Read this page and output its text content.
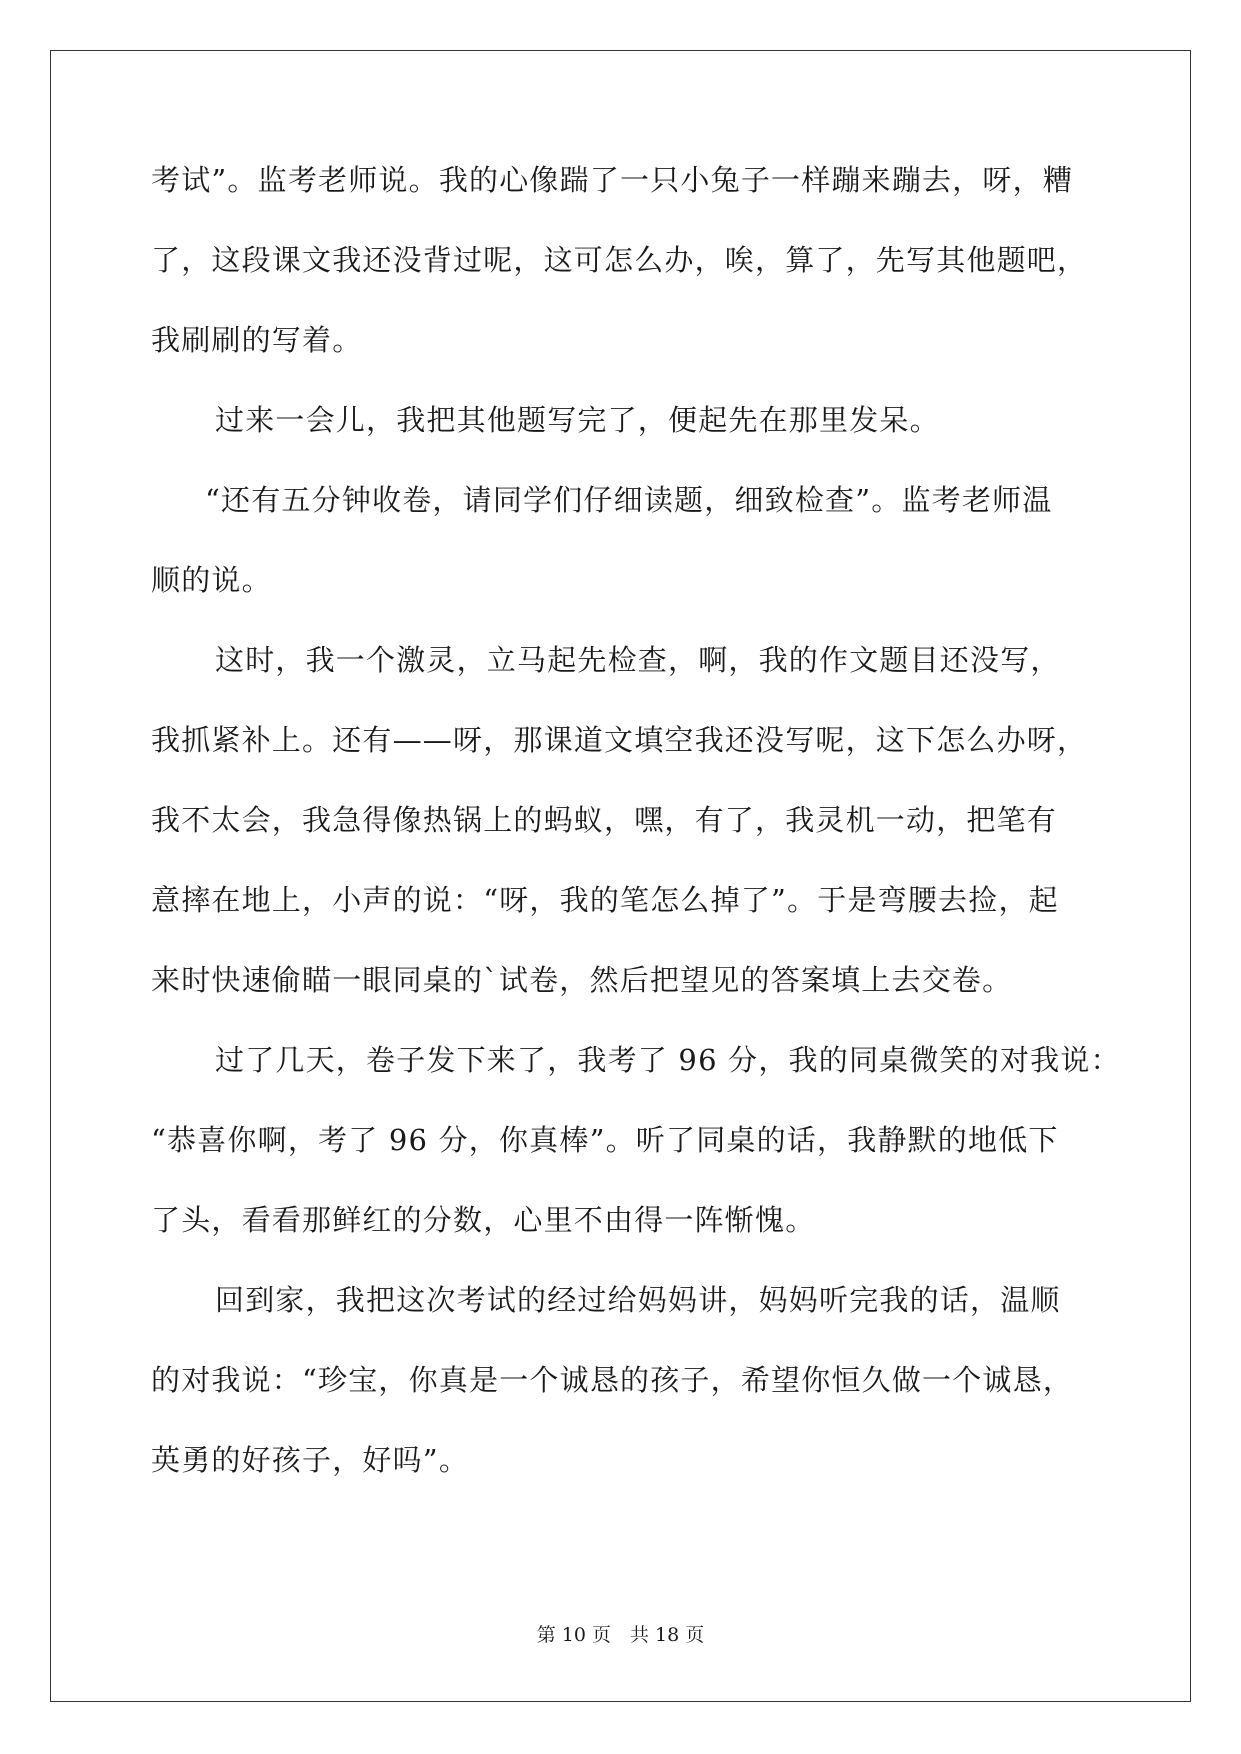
考试”。监考老师说。我的心像踹了一只小兔子一样蹦来蹦去，呀，糟
了，这段课文我还没背过呢，这可怎么办，唉，算了，先写其他题吧，
我刷刷的写着。
过来一会儿，我把其他题写完了，便起先在那里发呆。
“还有五分钟收卷，请同学们仔细读题，细致检查”。监考老师温
顺的说。
这时，我一个激灵，立马起先检查，啊，我的作文题目还没写，
我抓紧补上。还有——呀，那课道文填空我还没写呢，这下怎么办呀，
我不太会，我急得像热锅上的蚂蚁，嘿，有了，我灵机一动，把笔有
意摔在地上，小声的说：“呀，我的笔怎么掉了”。于是弯腰去捡，起
来时快速偷瞄一眼同桌的`试卷，然后把望见的答案填上去交卷。
过了几天，卷子发下来了，我考了 96 分，我的同桌微笑的对我说：
“恭喜你啊，考了 96 分，你真棒”。听了同桌的话，我静默的地低下
了头，看看那鲜红的分数，心里不由得一阵惭愧。
回到家，我把这次考试的经过给妈妈讲，妈妈听完我的话，温顺
的对我说：“珍宝，你真是一个诚恳的孩子，希望你恒久做一个诚恳，
英勇的好孩子，好吗”。
第 10 页　共 18 页
